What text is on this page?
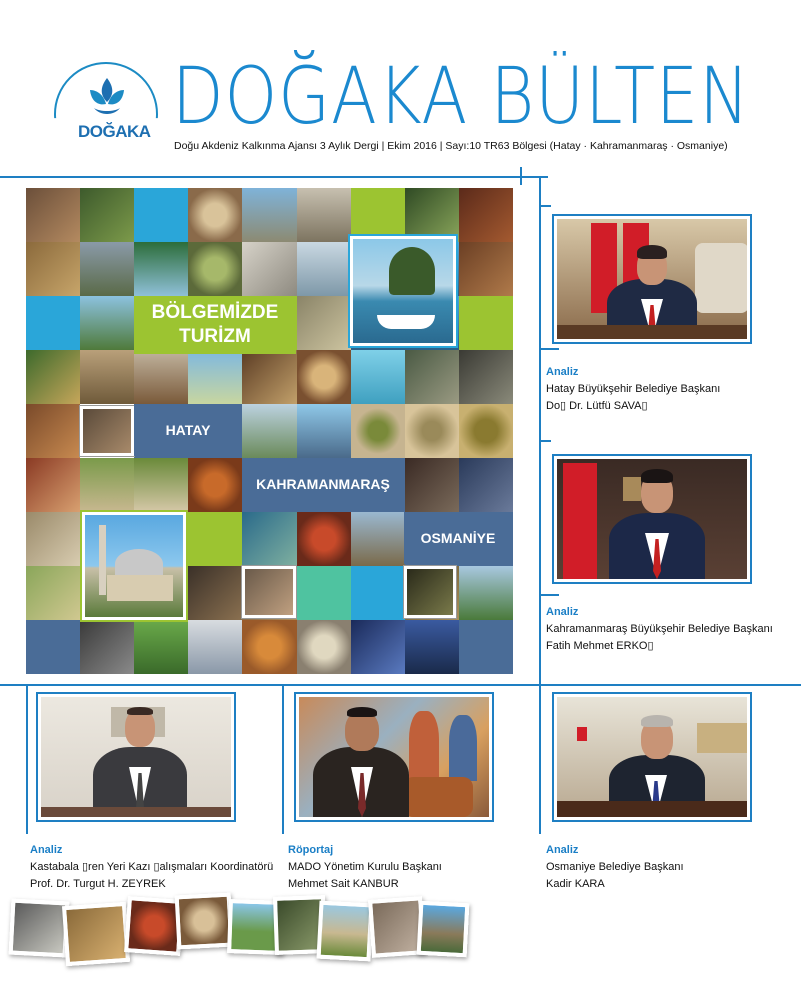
DOĞAKA DOĞAKA BÜLTEN
Doğu Akdeniz Kalkınma Ajansı 3 Aylık Dergi | Ekim 2016 | Sayı:10 TR63 Bölgesi (Hatay · Kahramanmaraş · Osmaniye)
BÖLGEMİZDE
TURİZM
HATAY
KAHRAMANMARAŞ
OSMANİYE
Analiz
Hatay Büyükşehir Belediye Başkanı
Do▯ Dr. Lütfü SAVA▯
Analiz
Kahramanmaraş Büyükşehir Belediye Başkanı
Fatih Mehmet ERKO▯
Analiz
Kastabala ▯ren Yeri Kazı ▯alışmaları Koordinatörü
Prof. Dr. Turgut H. ZEYREK
Röportaj
MADO Yönetim Kurulu Başkanı
Mehmet Sait KANBUR
Analiz
Osmaniye Belediye Başkanı
Kadir KARA
